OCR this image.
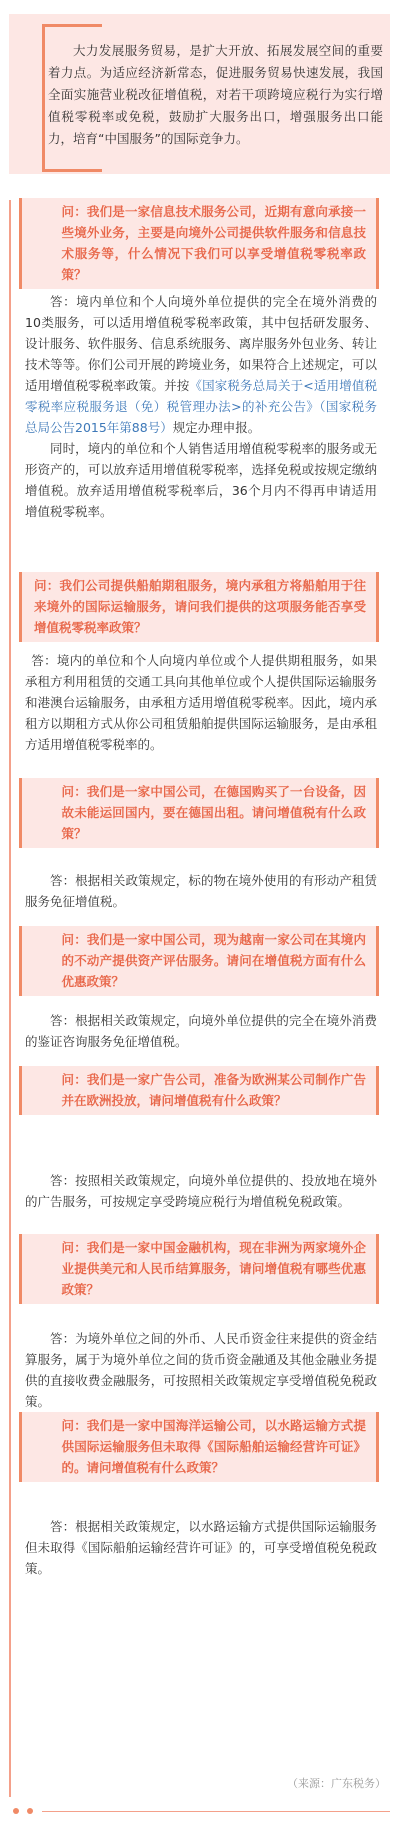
大力发展服务贸易，是扩大开放、拓展发展空间的重要着力点。为适应经济新常态，促进服务贸易快速发展，我国全面实施营业税改征增值税，对若干项跨境应税行为实行增值税零税率或免税，鼓励扩大服务出口，增强服务出口能力，培育“中国服务”的国际竞争力。
问：我们是一家信息技术服务公司，近期有意向承接一些境外业务，主要是向境外公司提供软件服务和信息技术服务等，什么情况下我们可以享受增值税零税率政策？

答：境内单位和个人向境外单位提供的完全在境外消费的10类服务，可以适用增值税零税率政策，其中包括研发服务、设计服务、软件服务、信息系统服务、离岸服务外包业务、转让技术等等。你们公司开展的跨境业务，如果符合上述规定，可以适用增值税零税率政策。并按《国家税务总局关于<适用增值税零税率应税服务退（免）税管理办法>的补充公告》（国家税务总局公告2015年第88号）规定办理申报。

同时，境内的单位和个人销售适用增值税零税率的服务或无形资产的，可以放弃适用增值税零税率，选择免税或按规定缴纳增值税。放弃适用增值税零税率后，36个月内不得再申请适用增值税零税率。

问：我们公司提供船舶期租服务，境内承租方将船舶用于往来境外的国际运输服务，请问我们提供的这项服务能否享受增值税零税率政策？

答：境内的单位和个人向境内单位或个人提供期租服务，如果承租方利用租赁的交通工具向其他单位或个人提供国际运输服务和港澳台运输服务，由承租方适用增值税零税率。因此，境内承租方以期租方式从你公司租赁船舶提供国际运输服务，是由承租方适用增值税零税率的。

问：我们是一家中国公司，在德国购买了一台设备，因故未能运回国内，要在德国出租。请问增值税有什么政策？

答：根据相关政策规定，标的物在境外使用的有形动产租赁服务免征增值税。

问：我们是一家中国公司，现为越南一家公司在其境内的不动产提供资产评估服务。请问在增值税方面有什么优惠政策？

答：根据相关政策规定，向境外单位提供的完全在境外消费的鉴证咨询服务免征增值税。

问：我们是一家广告公司，准备为欧洲某公司制作广告并在欧洲投放，请问增值税有什么政策？

答：按照相关政策规定，向境外单位提供的、投放地在境外的广告服务，可按规定享受跨境应税行为增值税免税政策。

问：我们是一家中国金融机构，现在非洲为两家境外企业提供美元和人民币结算服务，请问增值税有哪些优惠政策？

答：为境外单位之间的外币、人民币资金往来提供的资金结算服务，属于为境外单位之间的货币资金融通及其他金融业务提供的直接收费金融服务，可按照相关政策规定享受增值税免税政策。

问：我们是一家中国海洋运输公司，以水路运输方式提供国际运输服务但未取得《国际船舶运输经营许可证》的。请问增值税有什么政策？

答：根据相关政策规定，以水路运输方式提供国际运输服务但未取得《国际船舶运输经营许可证》的，可享受增值税免税政策。

（来源：广东税务）
